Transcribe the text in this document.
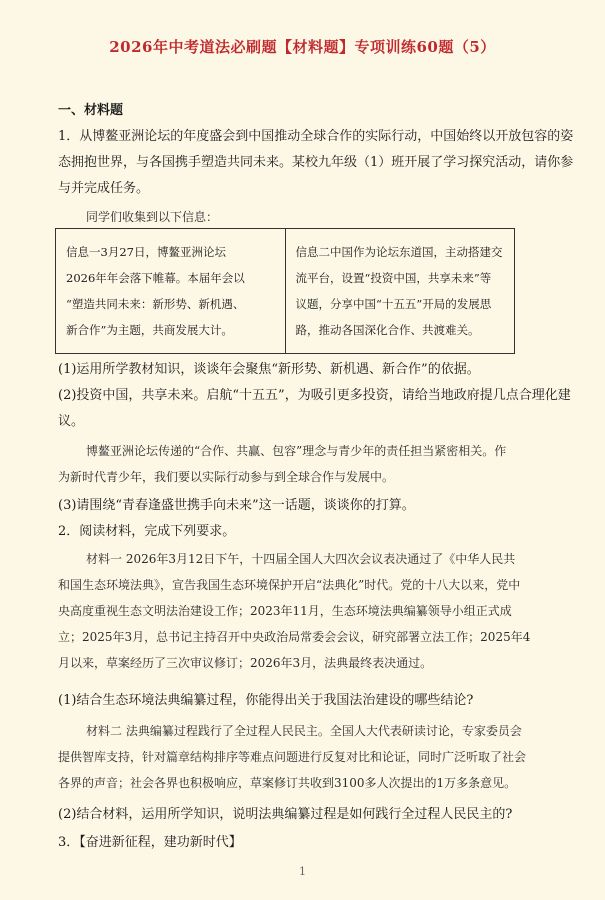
2026年中考道法必刷题【材料题】专项训练60题（5）
一、材料题
1．从博鳌亚洲论坛的年度盛会到中国推动全球合作的实际行动，中国始终以开放包容的姿
态拥抱世界，与各国携手塑造共同未来。某校九年级（1）班开展了学习探究活动，请你参
与并完成任务。
同学们收集到以下信息：
信息一3月27日，博鳌亚洲论坛
2026年年会落下帷幕。本届年会以
“塑造共同未来：新形势、新机遇、
新合作”为主题，共商发展大计。
信息二中国作为论坛东道国，主动搭建交
流平台，设置“投资中国，共享未来”等
议题，分享中国“十五五”开局的发展思
路，推动各国深化合作、共渡难关。
(1)运用所学教材知识，谈谈年会聚焦“新形势、新机遇、新合作”的依据。
(2)投资中国，共享未来。启航“十五五”，为吸引更多投资，请给当地政府提几点合理化建
议。
博鳌亚洲论坛传递的“合作、共赢、包容”理念与青少年的责任担当紧密相关。作
为新时代青少年，我们要以实际行动参与到全球合作与发展中。
(3)请围绕“青春逢盛世携手向未来”这一话题，谈谈你的打算。
2．阅读材料，完成下列要求。
材料一 2026年3月12日下午，十四届全国人大四次会议表决通过了《中华人民共
和国生态环境法典》，宣告我国生态环境保护开启“法典化”时代。党的十八大以来，党中
央高度重视生态文明法治建设工作；2023年11月，生态环境法典编纂领导小组正式成
立；2025年3月，总书记主持召开中央政治局常委会会议，研究部署立法工作；2025年4
月以来，草案经历了三次审议修订；2026年3月，法典最终表决通过。
(1)结合生态环境法典编纂过程，你能得出关于我国法治建设的哪些结论?
材料二 法典编纂过程践行了全过程人民民主。全国人大代表研读讨论，专家委员会
提供智库支持，针对篇章结构排序等难点问题进行反复对比和论证，同时广泛听取了社会
各界的声音；社会各界也积极响应，草案修订共收到3100多人次提出的1万多条意见。
(2)结合材料，运用所学知识，说明法典编纂过程是如何践行全过程人民民主的?
3．【奋进新征程，建功新时代】
1
